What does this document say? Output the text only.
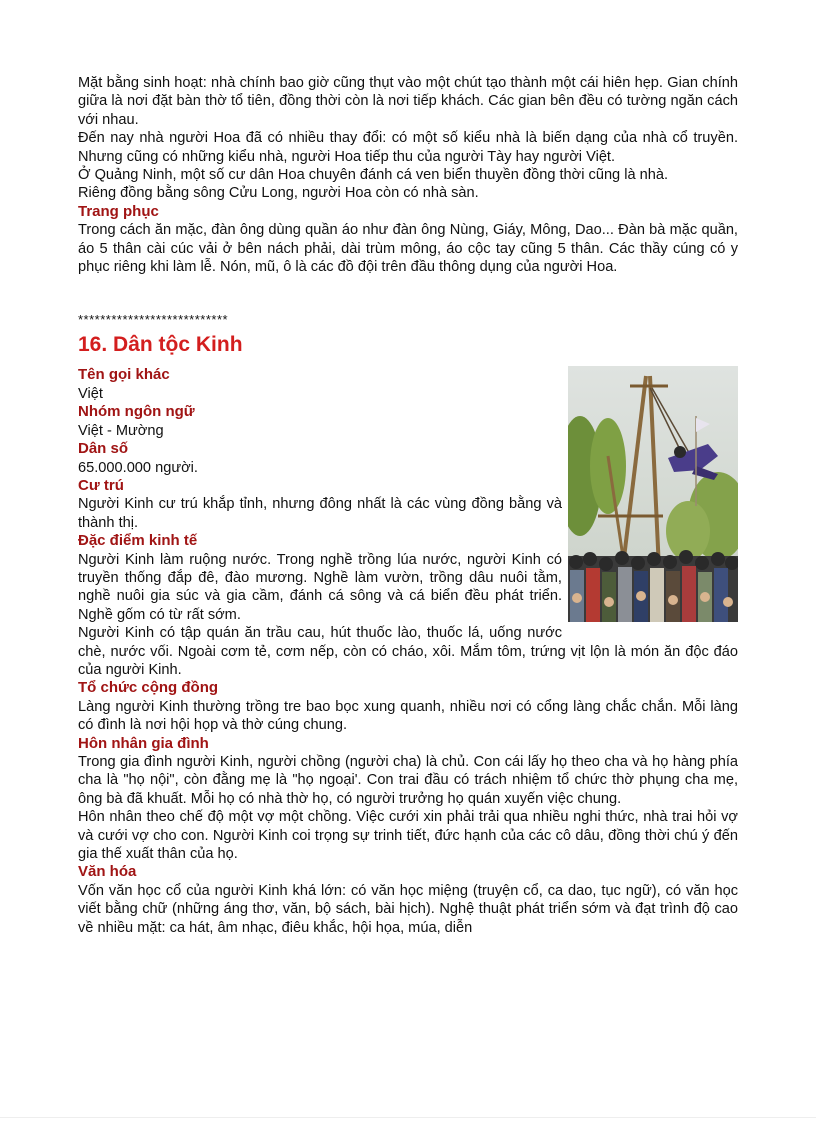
Mặt bằng sinh hoạt: nhà chính bao giờ cũng thụt vào một chút tạo thành một cái hiên hẹp. Gian chính giữa là nơi đặt bàn thờ tổ tiên, đồng thời còn là nơi tiếp khách. Các gian bên đều có tường ngăn cách với nhau.

Đến nay nhà người Hoa đã có nhiều thay đổi: có một số kiểu nhà là biến dạng của nhà cổ truyền. Nhưng cũng có những kiểu nhà, người Hoa tiếp thu của người Tày hay người Việt.

Ở Quảng Ninh, một số cư dân Hoa chuyên đánh cá ven biển thuyền đồng thời cũng là nhà.

Riêng đồng bằng sông Cửu Long, người Hoa còn có nhà sàn.

Trang phục

Trong cách ăn mặc, đàn ông dùng quần áo như đàn ông Nùng, Giáy, Mông, Dao... Đàn bà mặc quần, áo 5 thân cài cúc vải ở bên nách phải, dài trùm mông, áo cộc tay cũng 5 thân. Các thầy cúng có y phục riêng khi làm lễ. Nón, mũ, ô là các đồ đội trên đầu thông dụng của người Hoa.

***************************
16. Dân tộc Kinh
Tên gọi khác

Việt

Nhóm ngôn ngữ

Việt - Mường

Dân số

65.000.000 người.

Cư trú

Người Kinh cư trú khắp tỉnh, nhưng đông nhất là các vùng đồng bằng và thành thị.

Đặc điểm kinh tế

Người Kinh làm ruộng nước. Trong nghề trồng lúa nước, người Kinh có truyền thống đắp đê, đào mương. Nghề làm vườn, trồng dâu nuôi tằm, nghề nuôi gia súc và gia cầm, đánh cá sông và cá biển đều phát triển. Nghề gốm có từ rất sớm.

Người Kinh có tập quán ăn trầu cau, hút thuốc lào, thuốc lá, uống nước chè, nước vối. Ngoài cơm tẻ, cơm nếp, còn có cháo, xôi. Mắm tôm, trứng vịt lộn là món ăn độc đáo của người Kinh.

Tổ chức cộng đồng

Làng người Kinh thường trồng tre bao bọc xung quanh, nhiều nơi có cổng làng chắc chắn. Mỗi làng có đình là nơi hội họp và thờ cúng chung.

Hôn nhân gia đình

Trong gia đình người Kinh, người chồng (người cha) là chủ. Con cái lấy họ theo cha và họ hàng phía cha là "họ nội", còn đằng mẹ là "họ ngoại'. Con trai đầu có trách nhiệm tổ chức thờ phụng cha mẹ, ông bà đã khuất. Mỗi họ có nhà thờ họ, có người trưởng họ quán xuyến việc chung.

Hôn nhân theo chế độ một vợ một chồng. Việc cưới xin phải trải qua nhiều nghi thức, nhà trai hỏi vợ và cưới vợ cho con. Người Kinh coi trọng sự trinh tiết, đức hạnh của các cô dâu, đồng thời chú ý đến gia thế xuất thân của họ.

Văn hóa

Vốn văn học cổ của người Kinh khá lớn: có văn học miệng (truyện cổ, ca dao, tục ngữ), có văn học viết bằng chữ (những áng thơ, văn, bộ sách, bài hịch). Nghệ thuật phát triển sớm và đạt trình độ cao về nhiều mặt: ca hát, âm nhạc, điêu khắc, hội họa, múa, diễn
